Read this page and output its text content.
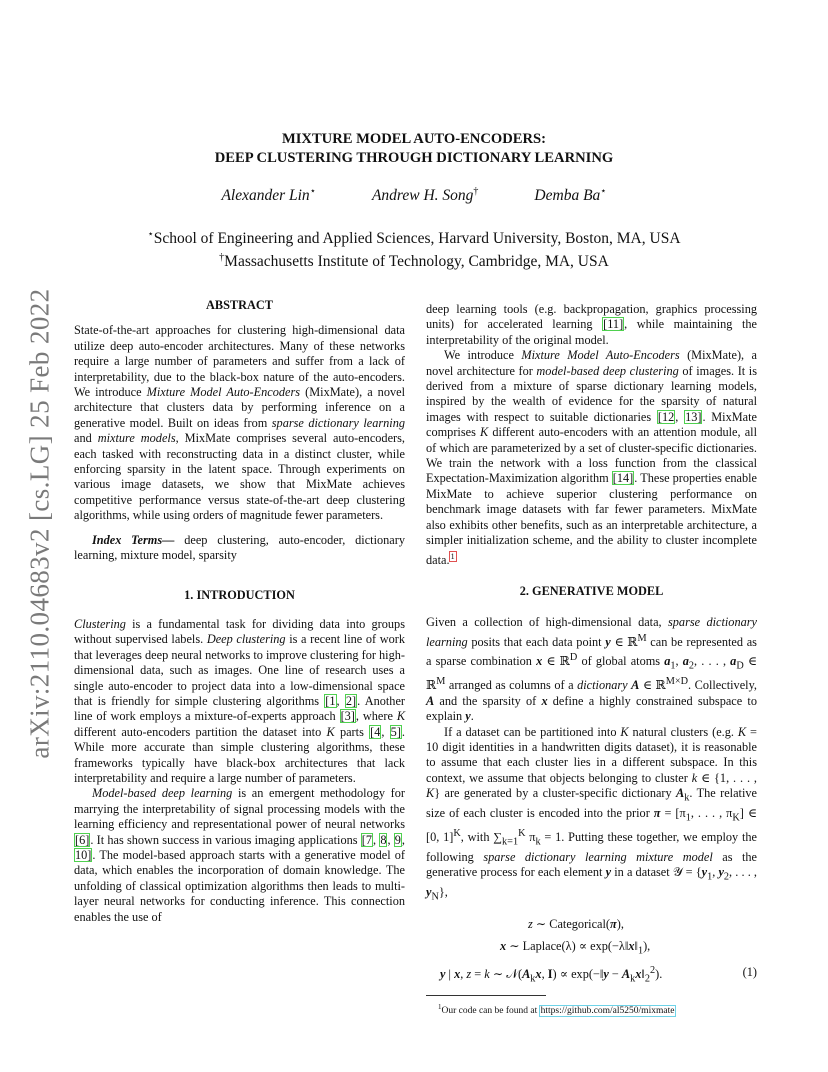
arXiv:2110.04683v2 [cs.LG] 25 Feb 2022
MIXTURE MODEL AUTO-ENCODERS:
DEEP CLUSTERING THROUGH DICTIONARY LEARNING
Alexander Lin⋆	Andrew H. Song†	Demba Ba⋆
⋆School of Engineering and Applied Sciences, Harvard University, Boston, MA, USA
†Massachusetts Institute of Technology, Cambridge, MA, USA
ABSTRACT

State-of-the-art approaches for clustering high-dimensional data utilize deep auto-encoder architectures. Many of these networks require a large number of parameters and suffer from a lack of interpretability, due to the black-box nature of the auto-encoders. We introduce Mixture Model Auto-Encoders (MixMate), a novel architecture that clusters data by performing inference on a generative model. Built on ideas from sparse dictionary learning and mixture models, MixMate comprises several auto-encoders, each tasked with reconstructing data in a distinct cluster, while enforcing sparsity in the latent space. Through experiments on various image datasets, we show that MixMate achieves competitive performance versus state-of-the-art deep clustering algorithms, while using orders of magnitude fewer parameters.

Index Terms— deep clustering, auto-encoder, dictionary learning, mixture model, sparsity

1. INTRODUCTION

Clustering is a fundamental task for dividing data into groups without supervised labels. Deep clustering is a recent line of work that leverages deep neural networks to improve clustering for high-dimensional data, such as images. One line of research uses a single auto-encoder to project data into a low-dimensional space that is friendly for simple clustering algorithms [1, 2]. Another line of work employs a mixture-of-experts approach [3], where K different auto-encoders partition the dataset into K parts [4, 5]. While more accurate than simple clustering algorithms, these frameworks typically have black-box architectures that lack interpretability and require a large number of parameters.

Model-based deep learning is an emergent methodology for marrying the interpretability of signal processing models with the learning efficiency and representational power of neural networks [6]. It has shown success in various imaging applications [7, 8, 9, 10]. The model-based approach starts with a generative model of data, which enables the incorporation of domain knowledge. The unfolding of classical optimization algorithms then leads to multi-layer neural networks for conducting inference. This connection enables the use of

deep learning tools (e.g. backpropagation, graphics processing units) for accelerated learning [11], while maintaining the interpretability of the original model.

We introduce Mixture Model Auto-Encoders (MixMate), a novel architecture for model-based deep clustering of images. It is derived from a mixture of sparse dictionary learning models, inspired by the wealth of evidence for the sparsity of natural images with respect to suitable dictionaries [12, 13]. MixMate comprises K different auto-encoders with an attention module, all of which are parameterized by a set of cluster-specific dictionaries. We train the network with a loss function from the classical Expectation-Maximization algorithm [14]. These properties enable MixMate to achieve superior clustering performance on benchmark image datasets with far fewer parameters. MixMate also exhibits other benefits, such as an interpretable architecture, a simpler initialization scheme, and the ability to cluster incomplete data.$^1$

2. GENERATIVE MODEL

Given a collection of high-dimensional data, sparse dictionary learning posits that each data point y ∈ ℝ$^M$ can be represented as a sparse combination x ∈ ℝ$^D$ of global atoms $a_1$, $a_2$, . . . , $a_D$ ∈ ℝ$^M$ arranged as columns of a dictionary A ∈ ℝ$^{M\times D}$. Collectively, A and the sparsity of x define a highly constrained subspace to explain y.

If a dataset can be partitioned into K natural clusters (e.g. K = 10 digit identities in a handwritten digits dataset), it is reasonable to assume that each cluster lies in a different subspace. In this context, we assume that objects belonging to cluster k ∈ {1, . . . , K} are generated by a cluster-specific dictionary $A_k$. The relative size of each cluster is encoded into the prior $\pi = [\pi_1$, . . . , $\pi_K$] ∈ [0, 1]$^K$, with $\sum_{k=1}^K$ $\pi_k = 1$. Putting these together, we employ the following sparse dictionary learning mixture model as the generative process for each element y in a dataset 𝒴 = {$y_1$, $y_2$, . . . , $y_N$},

z ∼ Categorical(π),
x ∼ Laplace(λ) ∝ $\exp(-\lambda‖x‖_1)$,
y | x, z = k ∼ $𝒩(A_kx$, I) ∝ exp(−‖y − $A_kx‖_2^2$).	(1)
$^1$Our code can be found at https://github.com/al5250/mixmate
